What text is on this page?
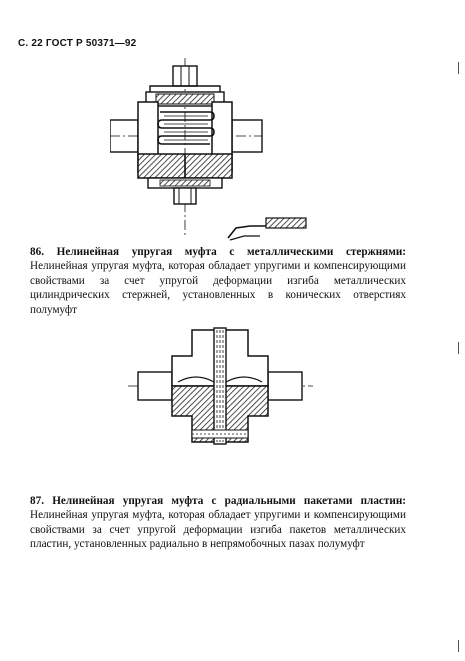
С. 22 ГОСТ Р 50371—92
86. Нелинейная упругая муфта с металлическими стержнями: Нелинейная упругая муфта, которая обладает упругими и компенсирующими свойствами за счет упругой деформации изгиба металлических цилиндрических стержней, установленных в конических отверстиях полумуфт
87. Нелинейная упругая муфта с радиальными пакетами пластин: Нелинейная упругая муфта, которая обладает упругими и компенсирующими свойствами за счет упругой деформации изгиба пакетов металлических пластин, установленных радиально в непрямобочных пазах полумуфт
